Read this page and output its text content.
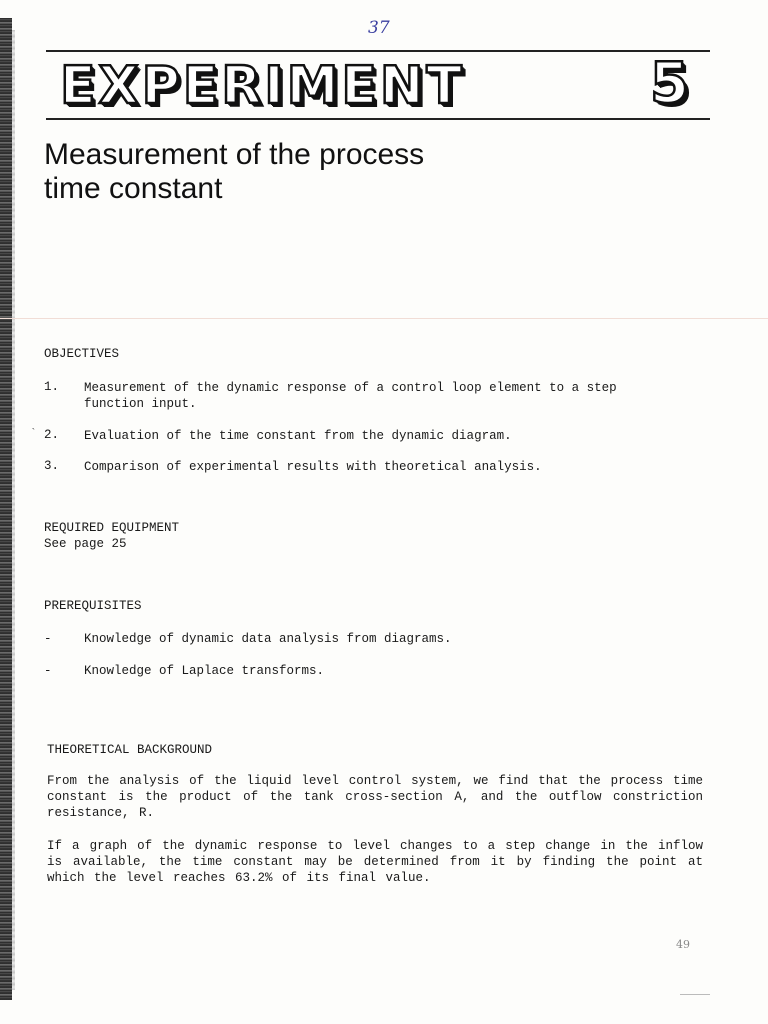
37
EXPERIMENT	5
Measurement of the process
time constant
OBJECTIVES
1. Measurement of the dynamic response of a control loop element to a step
function input.
` 2. Evaluation of the time constant from the dynamic diagram.
3. Comparison of experimental results with theoretical analysis.
REQUIRED EQUIPMENT
See page 25
PREREQUISITES
-	Knowledge of dynamic data analysis from diagrams.
-	Knowledge of Laplace transforms.
THEORETICAL BACKGROUND
From the analysis of the liquid level control system, we find that the process time constant is the product of the tank cross-section A, and the outflow constriction resistance, R.
If a graph of the dynamic response to level changes to a step change in the inflow is available, the time constant may be determined from it by finding the point at which the level reaches 63.2% of its final value.
49
